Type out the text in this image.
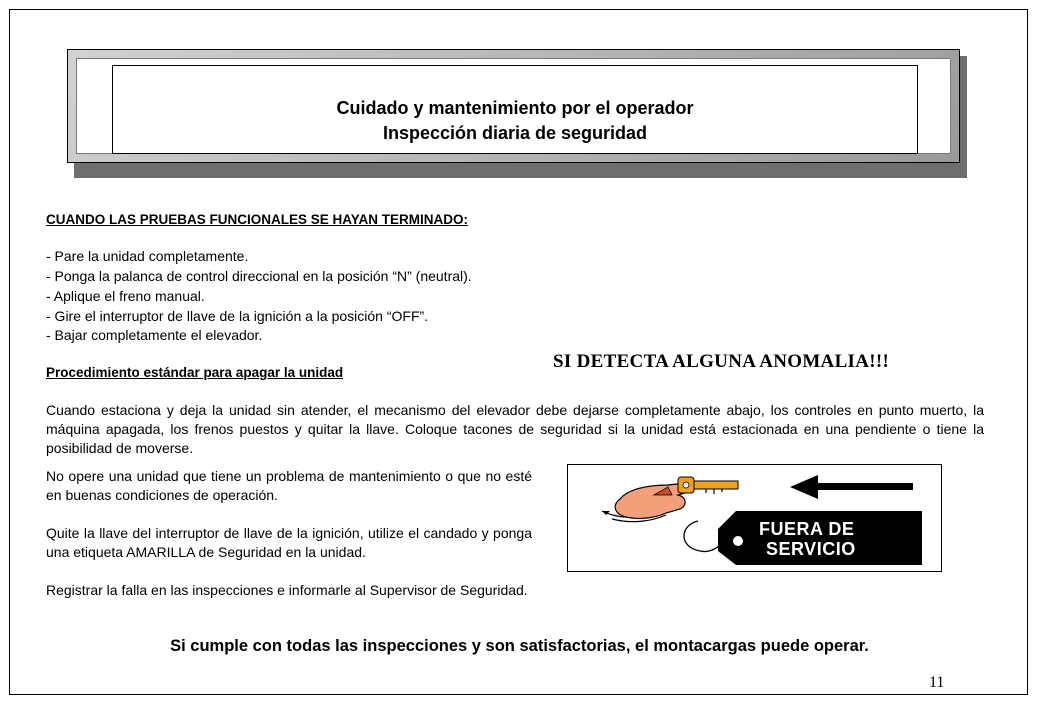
Cuidado y mantenimiento por el operador
Inspección diaria de seguridad
CUANDO LAS PRUEBAS FUNCIONALES SE HAYAN TERMINADO:
- Pare la unidad completamente.
- Ponga la palanca de control direccional en la posición “N” (neutral).
- Aplique el freno manual.
- Gire el interruptor de llave de la ignición a la posición “OFF”.
- Bajar completamente el elevador.
Procedimiento estándar para apagar la unidad
Cuando estaciona y deja la unidad sin atender, el mecanismo del elevador debe dejarse completamente abajo, los controles en punto muerto, la máquina apagada, los frenos puestos y quitar la llave. Coloque tacones de seguridad si la unidad está estacionada en una pendiente o tiene la posibilidad de moverse.
SI DETECTA ALGUNA ANOMALIA!!!
No opere una unidad que tiene un problema de mantenimiento o que no esté en buenas condiciones de operación.
Quite la llave del interruptor de llave de la ignición, utilize el candado y ponga una etiqueta AMARILLA de Seguridad en la unidad.
Registrar la falla en las inspecciones e informarle al Supervisor de Seguridad.
FUERA DE
SERVICIO
Si cumple con todas las inspecciones y son satisfactorias, el montacargas puede operar.
11
